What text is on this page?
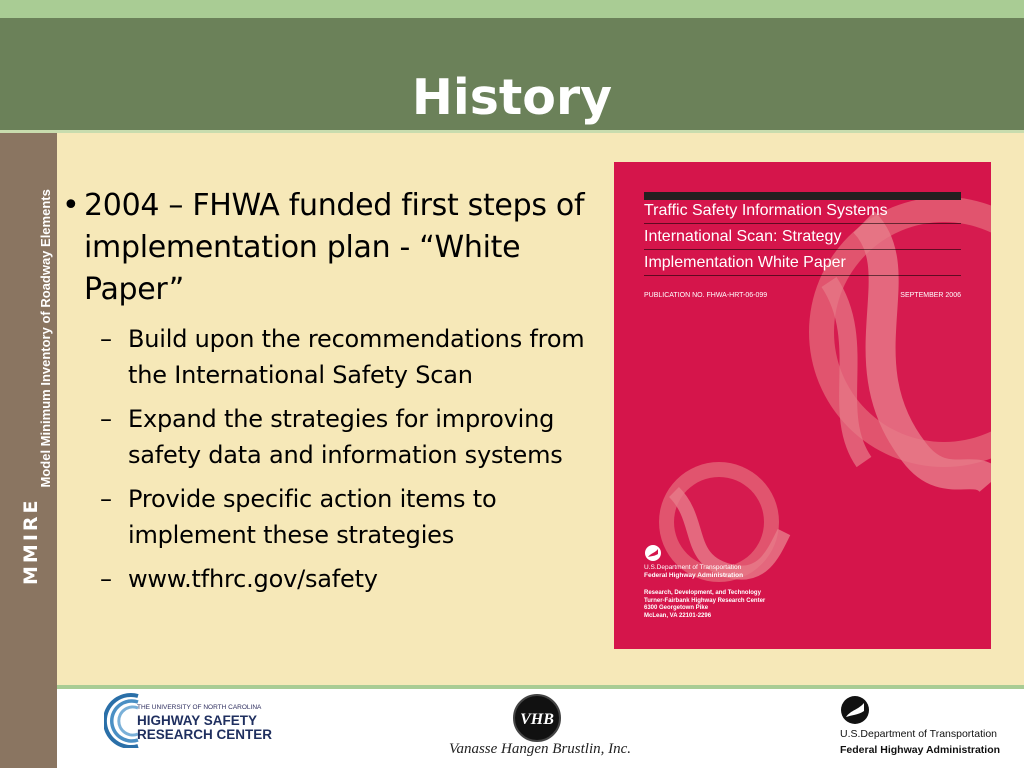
History
MMIRE
Model Minimum Inventory of Roadway Elements • 2004 – FHWA funded first steps of implementation plan - “White Paper”
– Build upon the recommendations from the International Safety Scan
– Expand the strategies for improving safety data and information systems
– Provide specific action items to implement these strategies
– www.tfhrc.gov/safety
Traffic Safety Information Systems
International Scan: Strategy
Implementation White Paper
PUBLICATION NO. FHWA-HRT-06-099	SEPTEMBER 2006
U.S.Department of Transportation
Federal Highway Administration
Research, Development, and Technology
Turner-Fairbank Highway Research Center
6300 Georgetown Pike
McLean, VA 22101-2296
THE UNIVERSITY OF NORTH CAROLINA
HIGHWAY SAFETY
RESEARCH CENTER
VHB
Vanasse Hangen Brustlin, Inc.
U.S.Department of Transportation
Federal Highway Administration
